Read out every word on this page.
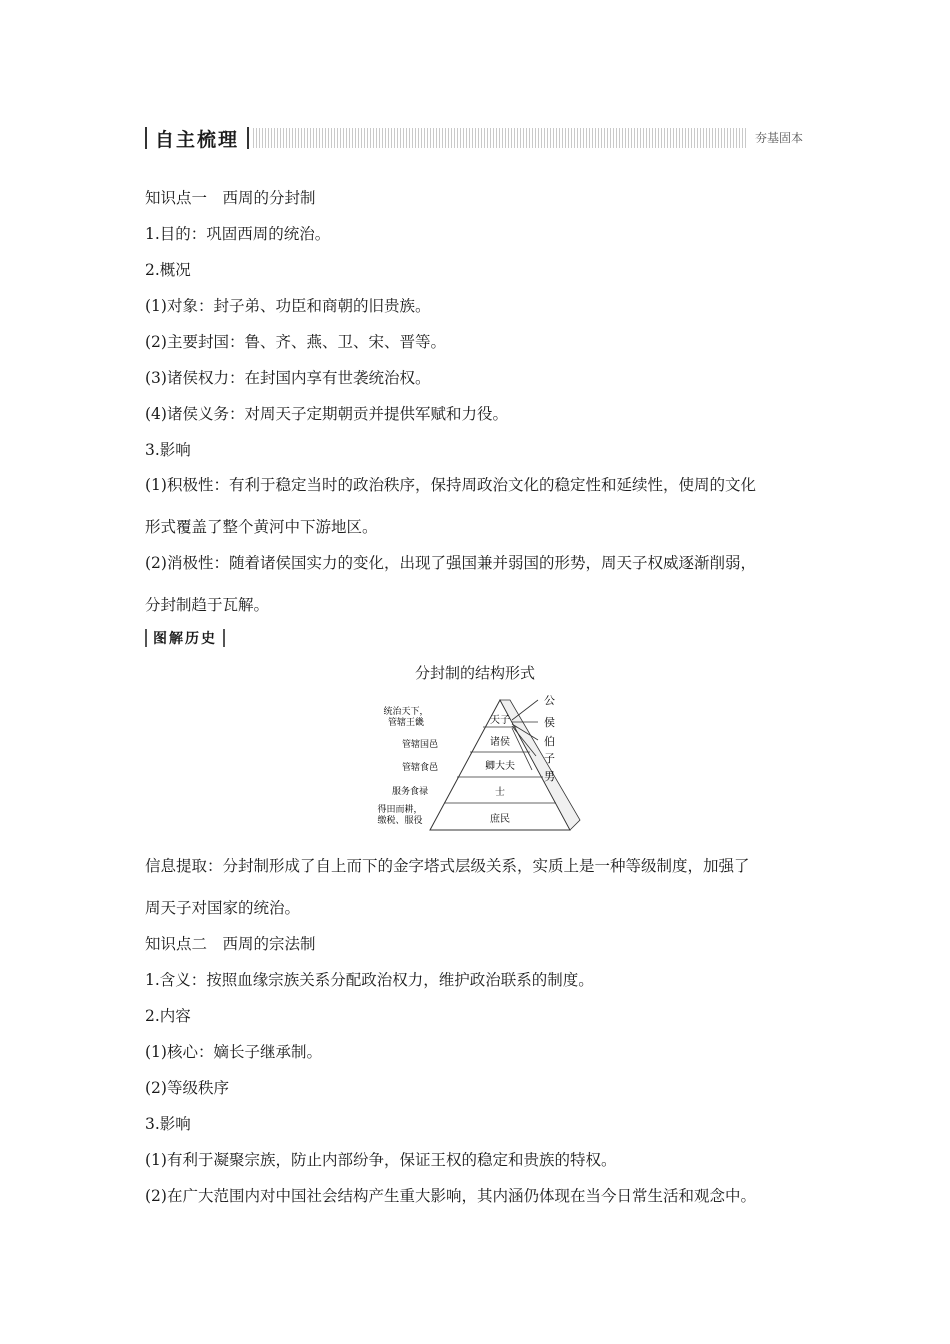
自主梳理	夯基固本
知识点一　西周的分封制
1.目的：巩固西周的统治。
2.概况
(1)对象：封子弟、功臣和商朝的旧贵族。
(2)主要封国：鲁、齐、燕、卫、宋、晋等。
(3)诸侯权力：在封国内享有世袭统治权。
(4)诸侯义务：对周天子定期朝贡并提供军赋和力役。
3.影响
(1)积极性：有利于稳定当时的政治秩序，保持周政治文化的稳定性和延续性，使周的文化
形式覆盖了整个黄河中下游地区。
(2)消极性：随着诸侯国实力的变化，出现了强国兼并弱国的形势，周天子权威逐渐削弱，
分封制趋于瓦解。
图解历史
分封制的结构形式
天子
诸侯
卿大夫
士
庶民
统治天下，
管辖王畿
管辖国邑
管辖食邑
服务食禄
得田而耕，
缴税、服役
公
侯
伯
子
男
信息提取：分封制形成了自上而下的金字塔式层级关系，实质上是一种等级制度，加强了
周天子对国家的统治。
知识点二　西周的宗法制
1.含义：按照血缘宗族关系分配政治权力，维护政治联系的制度。
2.内容
(1)核心：嫡长子继承制。
(2)等级秩序
3.影响
(1)有利于凝聚宗族，防止内部纷争，保证王权的稳定和贵族的特权。
(2)在广大范围内对中国社会结构产生重大影响，其内涵仍体现在当今日常生活和观念中。
